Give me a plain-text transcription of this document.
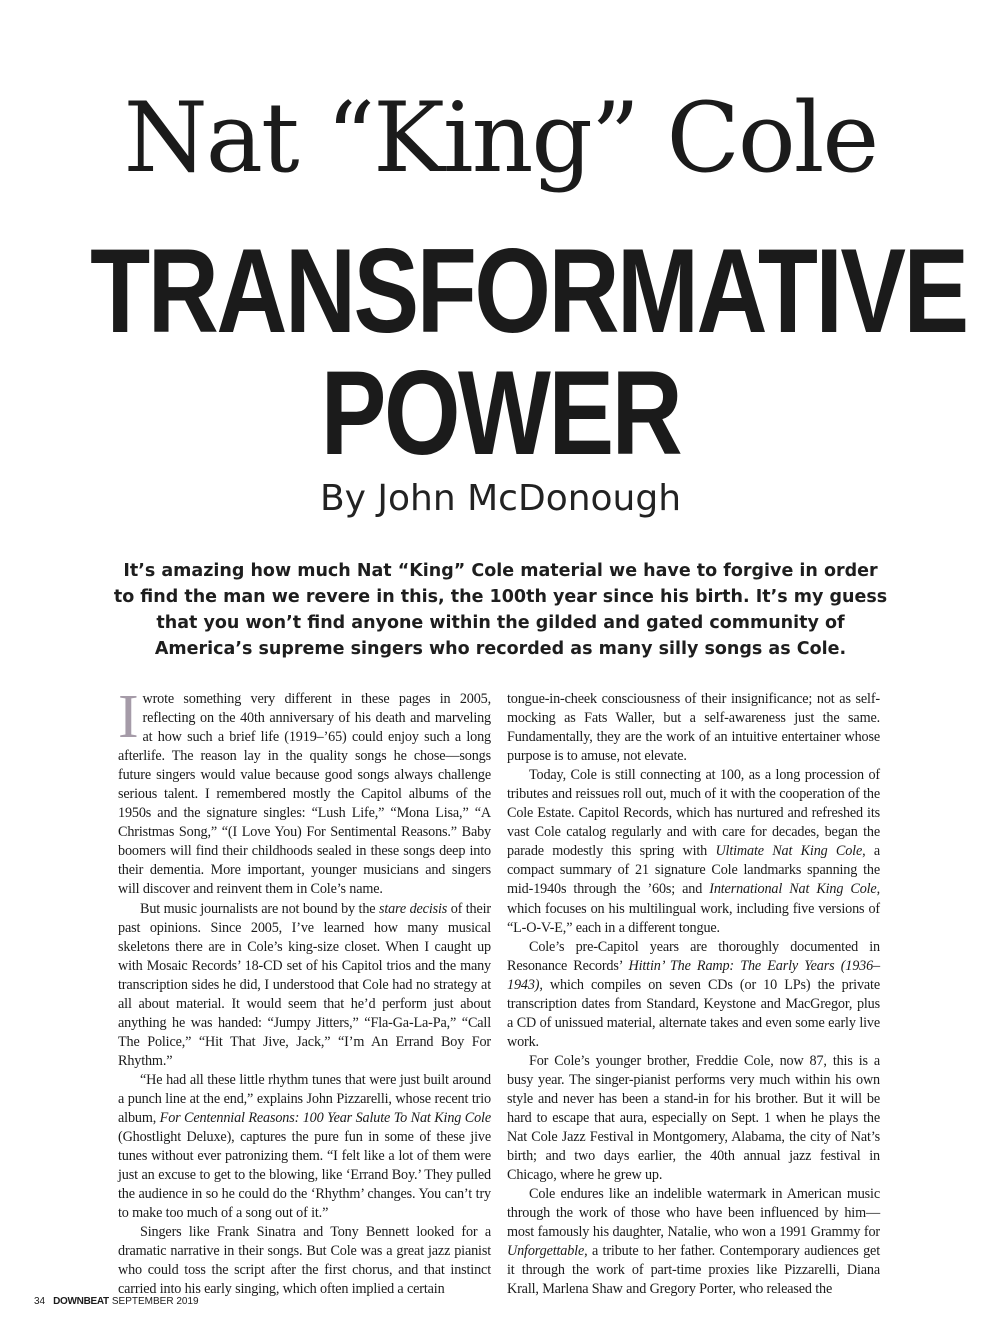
Nat “King” Cole
TRANSFORMATIVE
POWER
By John McDonough
It’s amazing how much Nat “King” Cole material we have to forgive in order to find the man we revere in this, the 100th year since his birth. It’s my guess that you won’t find anyone within the gilded and gated community of America’s supreme singers who recorded as many silly songs as Cole.

I wrote something very different in these pages in 2005, reflecting on the 40th anniversary of his death and marveling at how such a brief life (1919–’65) could enjoy such a long afterlife. The reason lay in the quality songs he chose—songs future singers would value because good songs always challenge serious talent. I remembered mostly the Capitol albums of the 1950s and the signature singles: “Lush Life,” “Mona Lisa,” “A Christmas Song,” “(I Love You) For Sentimental Reasons.” Baby boomers will find their childhoods sealed in these songs deep into their dementia. More important, younger musicians and singers will discover and reinvent them in Cole’s name.

But music journalists are not bound by the stare decisis of their past opinions. Since 2005, I’ve learned how many musical skeletons there are in Cole’s king-size closet. When I caught up with Mosaic Records’ 18-CD set of his Capitol trios and the many transcription sides he did, I understood that Cole had no strategy at all about material. It would seem that he’d perform just about anything he was handed: “Jumpy Jitters,” “Fla-Ga-La-Pa,” “Call The Police,” “Hit That Jive, Jack,” “I’m An Errand Boy For Rhythm.”

“He had all these little rhythm tunes that were just built around a punch line at the end,” explains John Pizzarelli, whose recent trio album, For Centennial Reasons: 100 Year Salute To Nat King Cole (Ghostlight Deluxe), captures the pure fun in some of these jive tunes without ever patronizing them. “I felt like a lot of them were just an excuse to get to the blowing, like ‘Errand Boy.’ They pulled the audience in so he could do the ‘Rhythm’ changes. You can’t try to make too much of a song out of it.”

Singers like Frank Sinatra and Tony Bennett looked for a dramatic narrative in their songs. But Cole was a great jazz pianist who could toss the script after the first chorus, and that instinct carried into his early singing, which often implied a certain

tongue-in-cheek consciousness of their insignificance; not as self-mocking as Fats Waller, but a self-awareness just the same. Fundamentally, they are the work of an intuitive entertainer whose purpose is to amuse, not elevate.

Today, Cole is still connecting at 100, as a long procession of tributes and reissues roll out, much of it with the cooperation of the Cole Estate. Capitol Records, which has nurtured and refreshed its vast Cole catalog regularly and with care for decades, began the parade modestly this spring with Ultimate Nat King Cole, a compact summary of 21 signature Cole landmarks spanning the mid-1940s through the ’60s; and International Nat King Cole, which focuses on his multilingual work, including five versions of “L-O-V-E,” each in a different tongue.

Cole’s pre-Capitol years are thoroughly documented in Resonance Records’ Hittin’ The Ramp: The Early Years (1936–1943), which compiles on seven CDs (or 10 LPs) the private transcription dates from Standard, Keystone and MacGregor, plus a CD of unissued material, alternate takes and even some early live work.

For Cole’s younger brother, Freddie Cole, now 87, this is a busy year. The singer-pianist performs very much within his own style and never has been a stand-in for his brother. But it will be hard to escape that aura, especially on Sept. 1 when he plays the Nat Cole Jazz Festival in Montgomery, Alabama, the city of Nat’s birth; and two days earlier, the 40th annual jazz festival in Chicago, where he grew up.

Cole endures like an indelible watermark in American music through the work of those who have been influenced by him—most famously his daughter, Natalie, who won a 1991 Grammy for Unforgettable, a tribute to her father. Contemporary audiences get it through the work of part-time proxies like Pizzarelli, Diana Krall, Marlena Shaw and Gregory Porter, who released the

34 DOWNBEAT SEPTEMBER 2019
